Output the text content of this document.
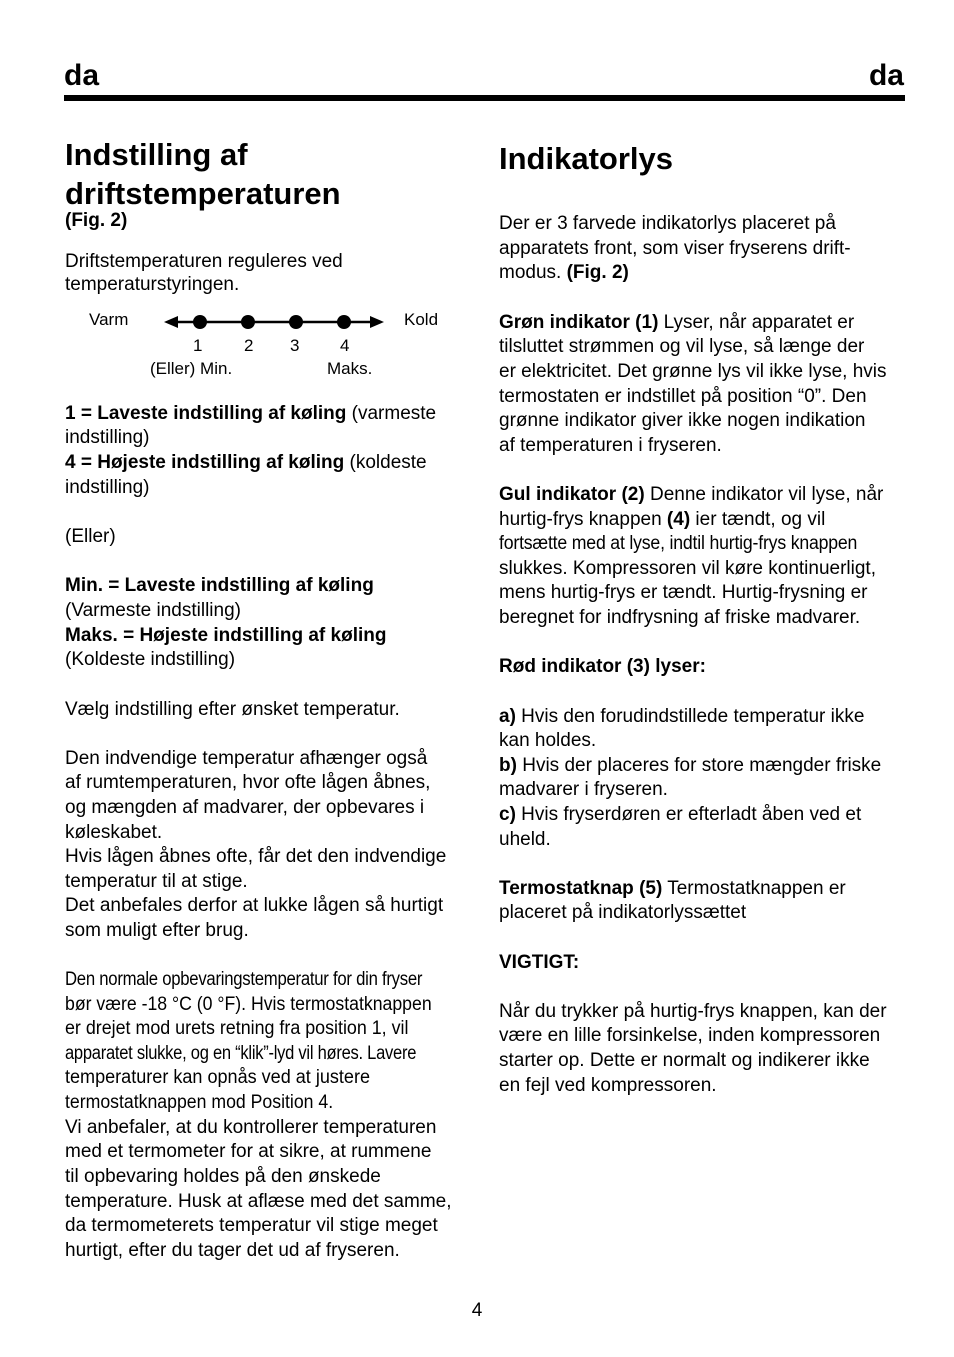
da	da
Indstilling af
driftstemperaturen
(Fig. 2)
Driftstemperaturen reguleres ved
temperaturstyringen.
Varm	Kold
1 2 3 4
(Eller) Min.	Maks.
1 = Laveste indstilling af køling (varmeste
indstilling)
4 = Højeste indstilling af køling (koldeste
indstilling)
(Eller)
Min. = Laveste indstilling af køling
(Varmeste indstilling)
Maks. = Højeste indstilling af køling
(Koldeste indstilling)
Vælg indstilling efter ønsket temperatur.
Den indvendige temperatur afhænger også
af rumtemperaturen, hvor ofte lågen åbnes,
og mængden af madvarer, der opbevares i
køleskabet.
Hvis lågen åbnes ofte, får det den indvendige
temperatur til at stige.
Det anbefales derfor at lukke lågen så hurtigt
som muligt efter brug.
Den normale opbevaringstemperatur for din fryser
bør være -18 °C (0 °F). Hvis termostatknappen
er drejet mod urets retning fra position 1, vil
apparatet slukke, og en “klik”-lyd vil høres. Lavere
temperaturer kan opnås ved at justere
termostatknappen mod Position 4.
Vi anbefaler, at du kontrollerer temperaturen
med et termometer for at sikre, at rummene
til opbevaring holdes på den ønskede
temperature. Husk at aflæse med det samme,
da termometerets temperatur vil stige meget
hurtigt, efter du tager det ud af fryseren.
Indikatorlys
Der er 3 farvede indikatorlys placeret på
apparatets front, som viser fryserens drift-
modus. (Fig. 2)
Grøn indikator (1) Lyser, når apparatet er
tilsluttet strømmen og vil lyse, så længe der
er elektricitet. Det grønne lys vil ikke lyse, hvis
termostaten er indstillet på position “0”. Den
grønne indikator giver ikke nogen indikation
af temperaturen i fryseren.
Gul indikator (2) Denne indikator vil lyse, når
hurtig-frys knappen (4) ier tændt, og vil
fortsætte med at lyse, indtil hurtig-frys knappen
slukkes. Kompressoren vil køre kontinuerligt,
mens hurtig-frys er tændt. Hurtig-frysning er
beregnet for indfrysning af friske madvarer.
Rød indikator (3) lyser:
a) Hvis den forudindstillede temperatur ikke
kan holdes.
b) Hvis der placeres for store mængder friske
madvarer i fryseren.
c) Hvis fryserdøren er efterladt åben ved et
uheld.
Termostatknap (5) Termostatknappen er
placeret på indikatorlyssættet
VIGTIGT:
Når du trykker på hurtig-frys knappen, kan der
være en lille forsinkelse, inden kompressoren
starter op. Dette er normalt og indikerer ikke
en fejl ved kompressoren.
4
